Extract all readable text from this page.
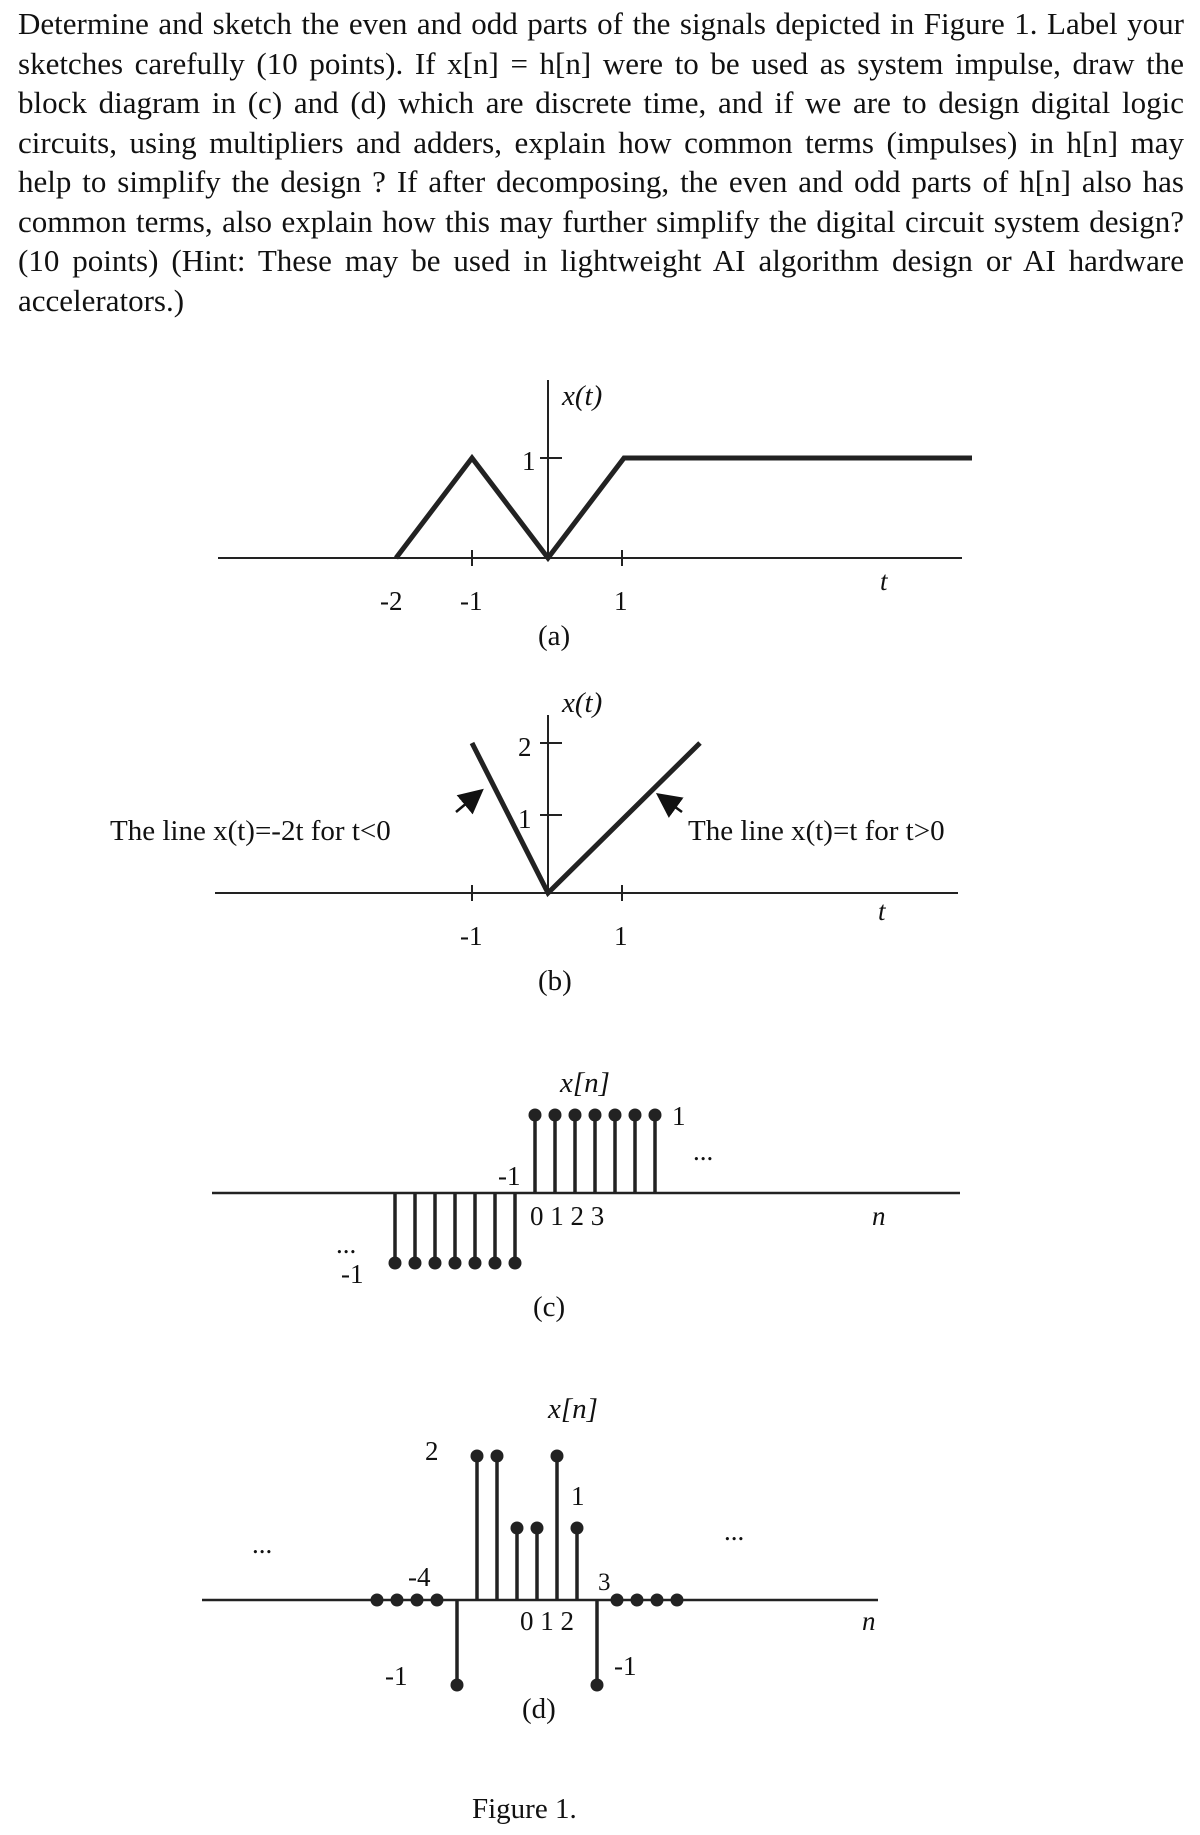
Determine and sketch the even and odd parts of the signals depicted in Figure 1. Label your sketches carefully (10 points). If x[n] = h[n] were to be used as system impulse, draw the block diagram in (c) and (d) which are discrete time, and if we are to design digital logic circuits, using multipliers and adders, explain how common terms (impulses) in h[n] may help to simplify the design ? If after decomposing, the even and odd parts of h[n] also has common terms, also explain how this may further simplify the digital circuit system design? (10 points) (Hint: These may be used in lightweight AI algorithm design or AI hardware accelerators.)

x(t)
1
-2 -1	1
t
(a)
x(t)
2
1
The line x(t)=-2t for t<0	The line x(t)=t for t>0
-1	1
t
(b)
x[n]
1
-1
-1
...
...
0 1 2 3	n
(c)
x[n]
2
1
-4	3
-1	-1
...	...
0 1 2	n
(d)
Figure 1.
